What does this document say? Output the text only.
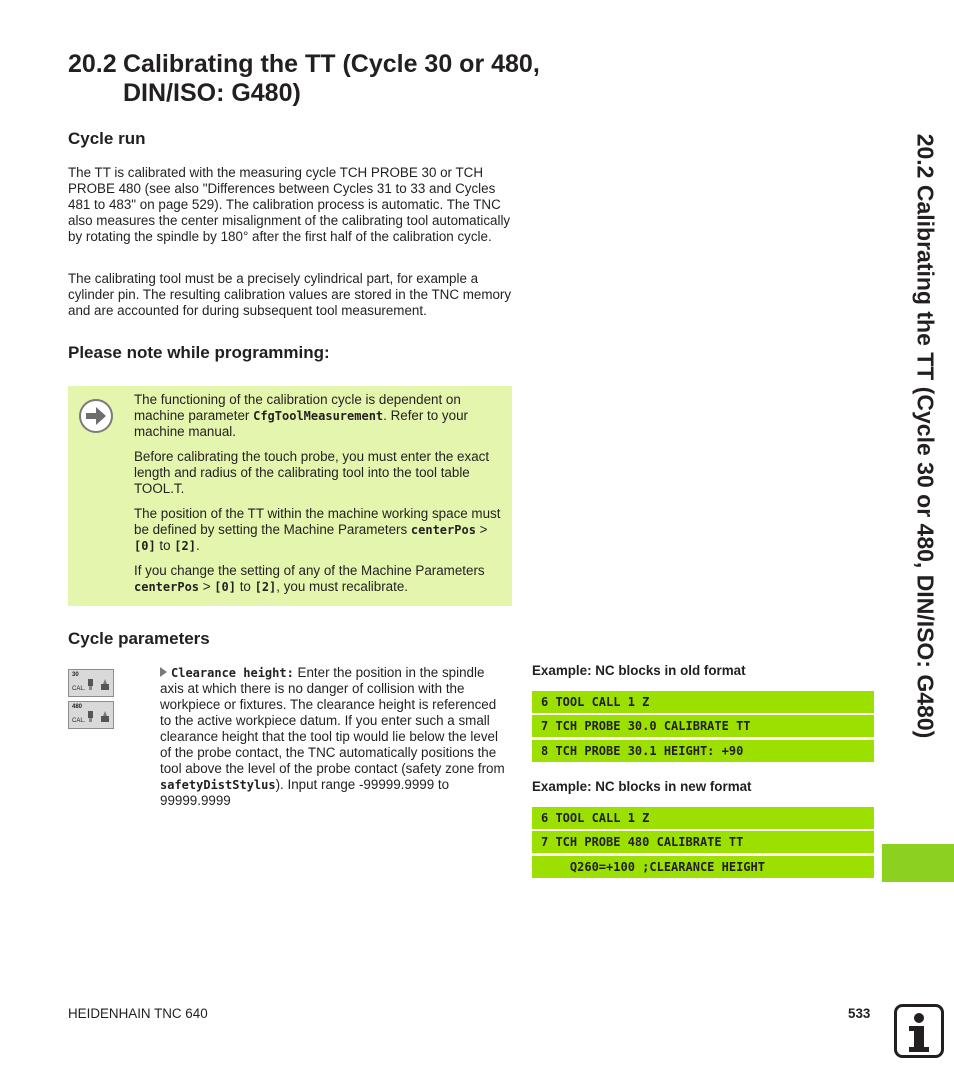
20.2 Calibrating the TT (Cycle 30 or 480,
DIN/ISO: G480)
Cycle run

The TT is calibrated with the measuring cycle TCH PROBE 30 or TCH PROBE 480 (see also "Differences between Cycles 31 to 33 and Cycles 481 to 483" on page 529). The calibration process is automatic. The TNC also measures the center misalignment of the calibrating tool automatically by rotating the spindle by 180° after the first half of the calibration cycle.

The calibrating tool must be a precisely cylindrical part, for example a cylinder pin. The resulting calibration values are stored in the TNC memory and are accounted for during subsequent tool measurement.

Please note while programming:

The functioning of the calibration cycle is dependent on machine parameter CfgToolMeasurement. Refer to your machine manual.

Before calibrating the touch probe, you must enter the exact length and radius of the calibrating tool into the tool table TOOL.T.

The position of the TT within the machine working space must be defined by setting the Machine Parameters centerPos > [0] to [2].

If you change the setting of any of the Machine Parameters centerPos > [0] to [2], you must recalibrate.

Cycle parameters
30
CAL.
480
CAL.
Clearance height: Enter the position in the spindle axis at which there is no danger of collision with the workpiece or fixtures. The clearance height is referenced to the active workpiece datum. If you enter such a small clearance height that the tool tip would lie below the level of the probe contact, the TNC automatically positions the tool above the level of the probe contact (safety zone from safetyDistStylus). Input range -99999.9999 to 99999.9999
Example: NC blocks in old format
6 TOOL CALL 1 Z
7 TCH PROBE 30.0 CALIBRATE TT
8 TCH PROBE 30.1 HEIGHT: +90
Example: NC blocks in new format
6 TOOL CALL 1 Z
7 TCH PROBE 480 CALIBRATE TT
Q260=+100 ;CLEARANCE HEIGHT
20.2 Calibrating the TT (Cycle 30 or 480, DIN/ISO: G480)
HEIDENHAIN TNC 640	533
